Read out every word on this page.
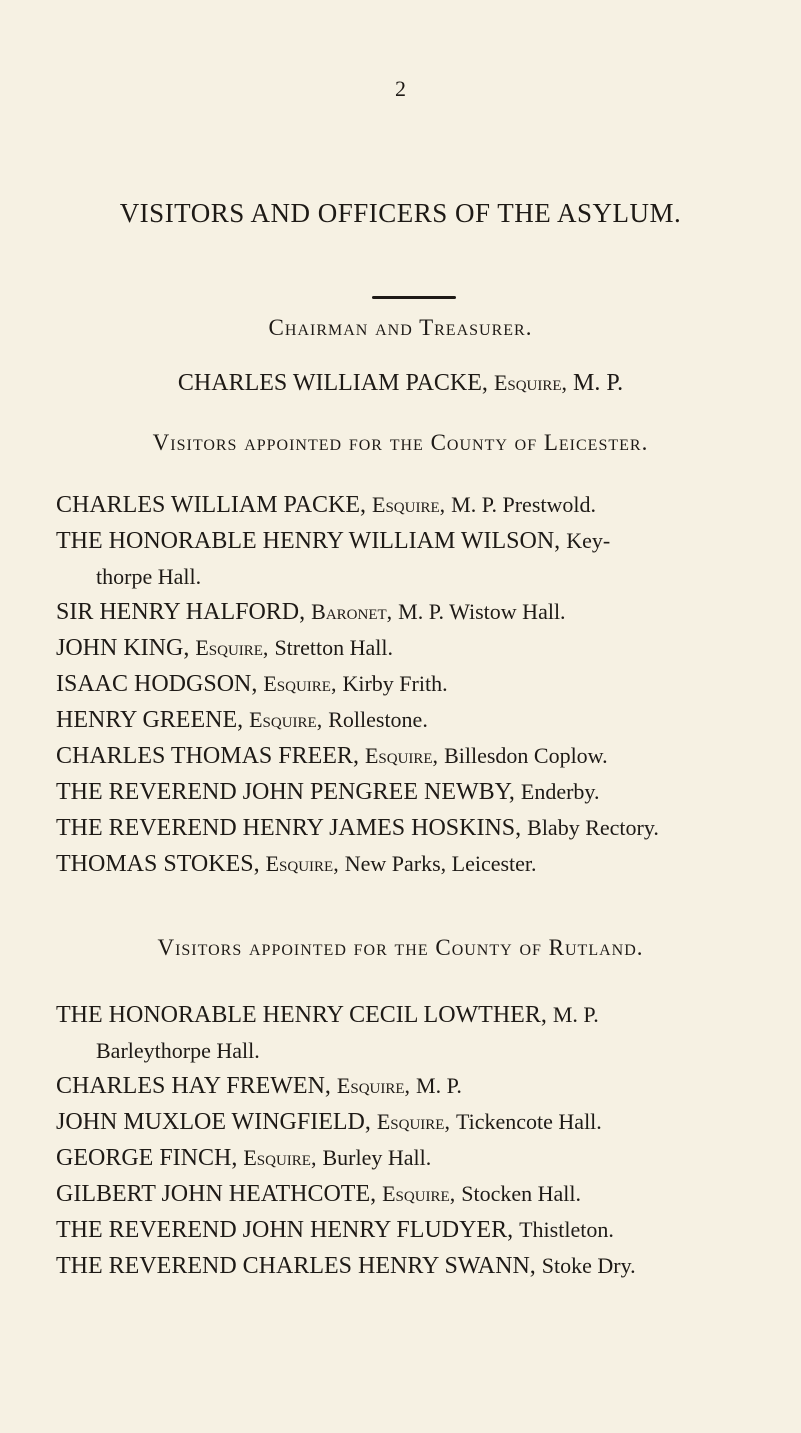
2
VISITORS AND OFFICERS OF THE ASYLUM.
Chairman and Treasurer.
CHARLES WILLIAM PACKE, Esquire, M. P.
Visitors appointed for the County of Leicester.
CHARLES WILLIAM PACKE, Esquire, M. P. Prestwold.
THE HONORABLE HENRY WILLIAM WILSON, Key-
thorpe Hall.
SIR HENRY HALFORD, Baronet, M. P. Wistow Hall.
JOHN KING, Esquire, Stretton Hall.
ISAAC HODGSON, Esquire, Kirby Frith.
HENRY GREENE, Esquire, Rollestone.
CHARLES THOMAS FREER, Esquire, Billesdon Coplow.
THE REVEREND JOHN PENGREE NEWBY, Enderby.
THE REVEREND HENRY JAMES HOSKINS, Blaby Rectory.
THOMAS STOKES, Esquire, New Parks, Leicester.
Visitors appointed for the County of Rutland.
THE HONORABLE HENRY CECIL LOWTHER, M. P.
Barleythorpe Hall.
CHARLES HAY FREWEN, Esquire, M. P.
JOHN MUXLOE WINGFIELD, Esquire, Tickencote Hall.
GEORGE FINCH, Esquire, Burley Hall.
GILBERT JOHN HEATHCOTE, Esquire, Stocken Hall.
THE REVEREND JOHN HENRY FLUDYER, Thistleton.
THE REVEREND CHARLES HENRY SWANN, Stoke Dry.
